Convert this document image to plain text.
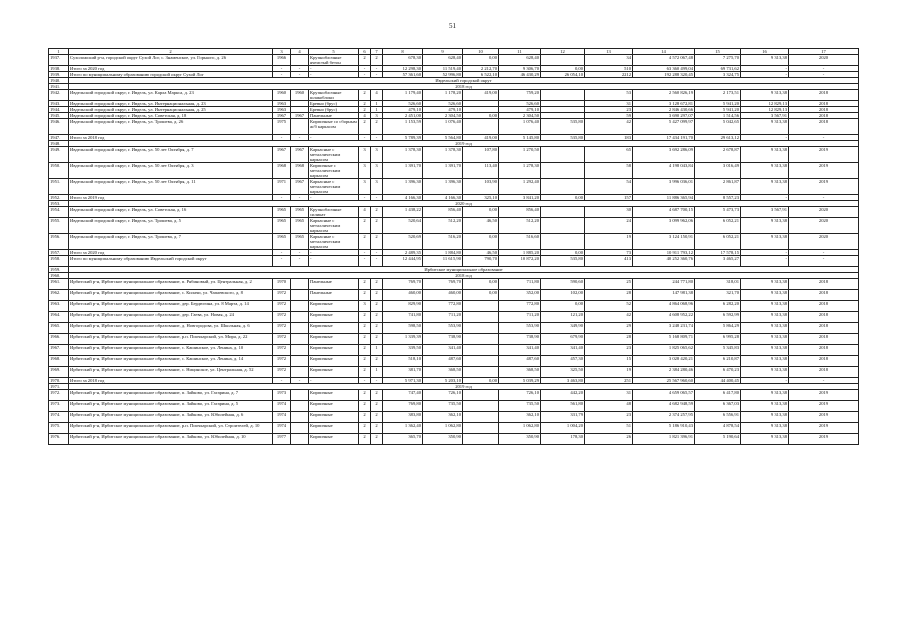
51
1	2	3	4	5	6	7	8	9	10	11	12	13	14	15	16	17
1937.	Сухоложский р-н, городской округ Сухой Лог, с. Знаменское, ул. Горького, д. 26	1966		Крупноблочные ячеистый бетон	2	2	678,30	628,40	0,00	628,40		34	4 572 067,48	7 275,70	9 313,38	2020
1938.	Итого за 2020 год	-	-	-	-	-	12 298,30	11 519,40	2 212,70	9 306,70	0,00	510	63 360 499,04	69 731,62	-	-
1939.	Итого по муниципальному образованию городской округ Сухой Лог	-	-	-	-	-	57 361,60	52 996,80	6 522,10	46 430,29	26 054,10	2212	192 288 320,45	3 324,75	-	-
1940.	Ивдельский городской округ															
1941.	2018 год															
1942.	Ивдельский городской округ, г. Ивдель, ул. Карла Маркса, д. 23	1960	1960	Крупноблочные шлакоблоки	2	4	1 179,40	1 178,20	419,00	759,20		53	2 560 826,19	2 173,51	9 313,38	2018
1943.	Ивдельский городской округ, г. Ивдель, ул. Интернациональная, д. 23	1963		Бревно (брус)	2	1	526,60	526,60		526,60		31	3 128 672,81	5 941,20	12 829,13	2018
1944.	Ивдельский городской округ, г. Ивдель, ул. Интернациональная, д. 25	1963		Бревно (брус)	2	1	479,10	479,10		479,10		23	2 846 430,66	5 941,20	12 829,13	2018
1945.	Ивдельский городской округ, г. Ивдель, ул. Советская, д. 18	1967	1967	Панельные	4	3	2 451,00	2 304,50	0,00	2 304,50		59	3 690 297,07	1 514,56	3 567,91	2018
1946.	Ивдельский городской округ, г. Ивдель, ул. Трошева, д. 26	1975		Кирпичные со сборным ж/б каркасом	2	2	1 153,59	1 076,40		1 076,40	535,80	42	5 427 099,97	5 042,65	9 313,38	2018
1947.	Итого за 2018 год	-	-	-	-	-	5 789,39	5 564,80	419,00	5 145,80	535,80	183	17 434 191,70	29 613,12	-	-
1948.	2019 год															
1949.	Ивдельский городской округ, г. Ивдель, ул. 50 лет Октября, д. 7	1967	1967	Каркасные с металлическим каркасом	3	3	1 378,30	1 378,30	107,80	1 270,50		65	3 692 286,09	2 678,87	9 313,38	2019
1950.	Ивдельский городской округ, г. Ивдель, ул. 50 лет Октября, д. 3	1968	1968	Кирпичные с металлическим каркасом	3	3	1 391,70	1 391,70	113,40	1 278,30		58	4 198 043,84	3 016,49	9 313,38	2019
1951.	Ивдельский городской округ, г. Ивдель, ул. 50 лет Октября, д. 11	1971	1967	Каркасные с металлическим каркасом	3	3	1 396,30	1 396,30	103,90	1 292,40		54	3 996 036,01	2 861,87	9 313,38	2019
1952.	Итого за 2019 год	-	-	-	-	-	4 166,30	4 166,30	325,10	3 841,20	0,00	157	11 886 365,94	8 557,23	-	-
1953.	2020 год															
1954.	Ивдельский городской округ, г. Ивдель, ул. Советская, д. 16	1965	1965	Крупноблочные силикат	4	2	1 438,22	856,40	0,00	856,40		30	4 687 700,15	5 473,73	3 567,91	2020
1955.	Ивдельский городской округ, г. Ивдель, ул. Трошева, д. 5	1965	1965	Каркасные с металлическим каркасом	2	2	520,64	512,20	46,50	512,20		24	3 099 962,06	6 052,21	9 313,38	2020
1956.	Ивдельский городской округ, г. Ивдель, ул. Трошева, д. 7	1965	1965	Каркасные с металлическим каркасом	2	2	520,69	516,20	0,00	516,60		19	3 124 150,91	6 052,21	9 313,38	2020
1957.	Итого за 2020 год	-	-	-	-	-	2 489,35	1 884,80	46,50	1 885,20	0,00	73	10 911 793,12	17 578,15	-	-
1958.	Итого по муниципальному образованию Ивдельский городской округ	-	-	-	-	-	12 444,95	11 615,90	790,70	10 872,20	535,80	413	40 252 360,76	3 465,27	-	-
1959.	Ирбитское муниципальное образование															
1960.	2018 год															
1961.	Ирбитский р-н, Ирбитское муниципальное образование, п. Рябиновый, ул. Центральная, д. 2	1970		Панельные	2	2	769,70	769,70	0,00	711,80	590,60	25	244 771,80	318,01	9 313,38	2018
1962.	Ирбитский р-н, Ирбитское муниципальное образование, с. Килачи, ул. Чапаевского, д. 8	1972		Панельные	2	2	460,00	460,00	0,00	352,00	102,00	28	147 981,38	321,70	9 313,38	2018
1963.	Ирбитский р-н, Ирбитское муниципальное образование, дер. Бердюгина, ул. 8 Марта, д. 14	1972		Кирпичные	3	2	829,90	772,80		772,80	0,00	52	4 864 068,96	6 282,20	9 313,38	2018
1964.	Ирбитский р-н, Ирбитское муниципальное образование, дер. Гаева, ул. Новая, д. 24	1972		Кирпичные	2	2	741,80	711,20		711,20	121,20	42	4 608 952,22	6 592,99	9 313,38	2018
1965.	Ирбитский р-н, Ирбитское муниципальное образование, д. Новгородова, ул. Школьная, д. 6	1972		Кирпичные	2	2	598,50	553,90		553,90	349,90	29	3 248 231,74	5 864,29	9 313,38	2018
1966.	Ирбитский р-н, Ирбитское муниципальное образование, р.п. Пиочкарский, ул. Мира, д. 22	1972		Кирпичные	2	2	1 339,39	738,90		738,90	679,90	28	5 168 809,71	6 995,28	9 313,38	2018
1967.	Ирбитский р-н, Ирбитское муниципальное образование, с. Кашинское, ул. Ленина, д. 10	1972		Кирпичные	2	1	339,50	341,40		341,40	341,40	23	1 825 065,62	5 345,83	9 313,38	2018
1968.	Ирбитский р-н, Ирбитское муниципальное образование, с. Кашинское, ул. Ленина, д. 14	1972		Кирпичные	2	2	518,10	487,60		487,60	457,30	15	3 028 420,21	6 210,87	9 313,38	2018
1969.	Ирбитский р-н, Ирбитское муниципальное образование, с. Ницинское, ул. Центральная, д. 52	1972		Кирпичные	2	1	381,70	368,50		368,50	325,50	19	2 384 280,46	6 470,23	9 313,38	2018
1970.	Итого за 2018 год	-	-	-	-	-	5 971,30	5 203,10	0,00	5 039,29	3 463,80	251	25 567 960,60	44 400,45	-	-
1971.	2019 год															
1972.	Ирбитский р-н, Ирбитское муниципальное образование, п. Зайково, ул. Гагарина, д. 7	1973		Кирпичные	2	2	747,40	726,10		726,10	442,20	31	4 659 065,57	6 417,80	9 313,38	2019
1973.	Ирбитский р-н, Ирбитское муниципальное образование, п. Зайково, ул. Гагарина, д. 5	1974		Кирпичные	2	2	769,80	735,50		735,50	561,80	48	4 682 948,59	6 367,03	9 313,38	2019
1974.	Ирбитский р-н, Ирбитское муниципальное образование, п. Зайково, ул. Юбилейная, д. 6	1974		Кирпичные	2	2	383,80	362,10		362,10	331,79	23	2 374 257,95	6 556,91	9 313,38	2019
1975.	Ирбитский р-н, Ирбитское муниципальное образование, р.п. Пиочкарский, ул. Строителей, д. 10	1974		Кирпичные	2	2	1 362,40	1 062,80		1 062,80	1 004,20	51	5 186 910,43	4 878,54	9 313,38	2019
1976.	Ирбитский р-н, Ирбитское муниципальное образование, п. Зайково, ул. Юбилейная, д. 10	1977		Кирпичные	2	2	365,70	350,90		350,90	178,30	26	1 821 396,91	5 190,64	9 313,38	2019
